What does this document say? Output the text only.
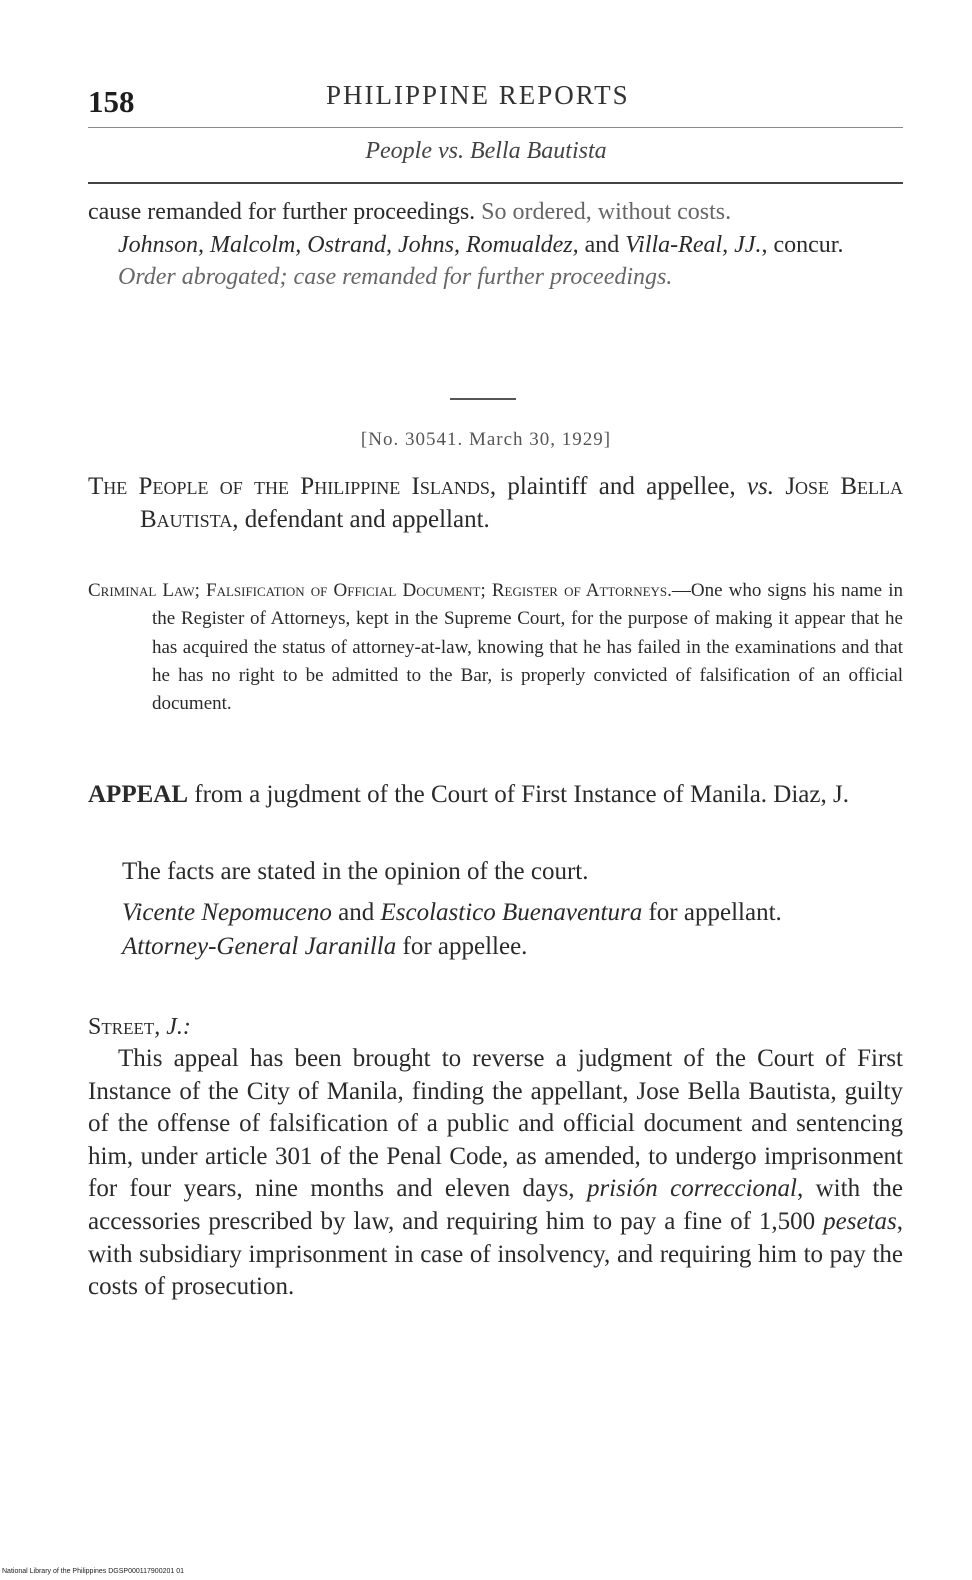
158	PHILIPPINE REPORTS
People vs. Bella Bautista

cause remanded for further proceedings. So ordered, without costs.

Johnson, Malcolm, Ostrand, Johns, Romualdez, and Villa-Real, JJ., concur.

Order abrogated; case remanded for further proceedings.

[No. 30541. March 30, 1929]

The People of the Philippine Islands, plaintiff and appellee, vs. Jose Bella Bautista, defendant and appellant.

Criminal Law; Falsification of Official Document; Register of Attorneys.—One who signs his name in the Register of Attorneys, kept in the Supreme Court, for the purpose of making it appear that he has acquired the status of attorney-at-law, knowing that he has failed in the examinations and that he has no right to be admitted to the Bar, is properly convicted of falsification of an official document.

APPEAL from a jugdment of the Court of First Instance of Manila. Diaz, J.

The facts are stated in the opinion of the court.

Vicente Nepomuceno and Escolastico Buenaventura for appellant.

Attorney-General Jaranilla for appellee.

Street, J.:

This appeal has been brought to reverse a judgment of the Court of First Instance of the City of Manila, finding the appellant, Jose Bella Bautista, guilty of the offense of falsification of a public and official document and sentencing him, under article 301 of the Penal Code, as amended, to undergo imprisonment for four years, nine months and eleven days, prisión correccional, with the accessories prescribed by law, and requiring him to pay a fine of 1,500 pesetas, with subsidiary imprisonment in case of insolvency, and requiring him to pay the costs of prosecution.

National Library of the Philippines DGSP000117900201 01
